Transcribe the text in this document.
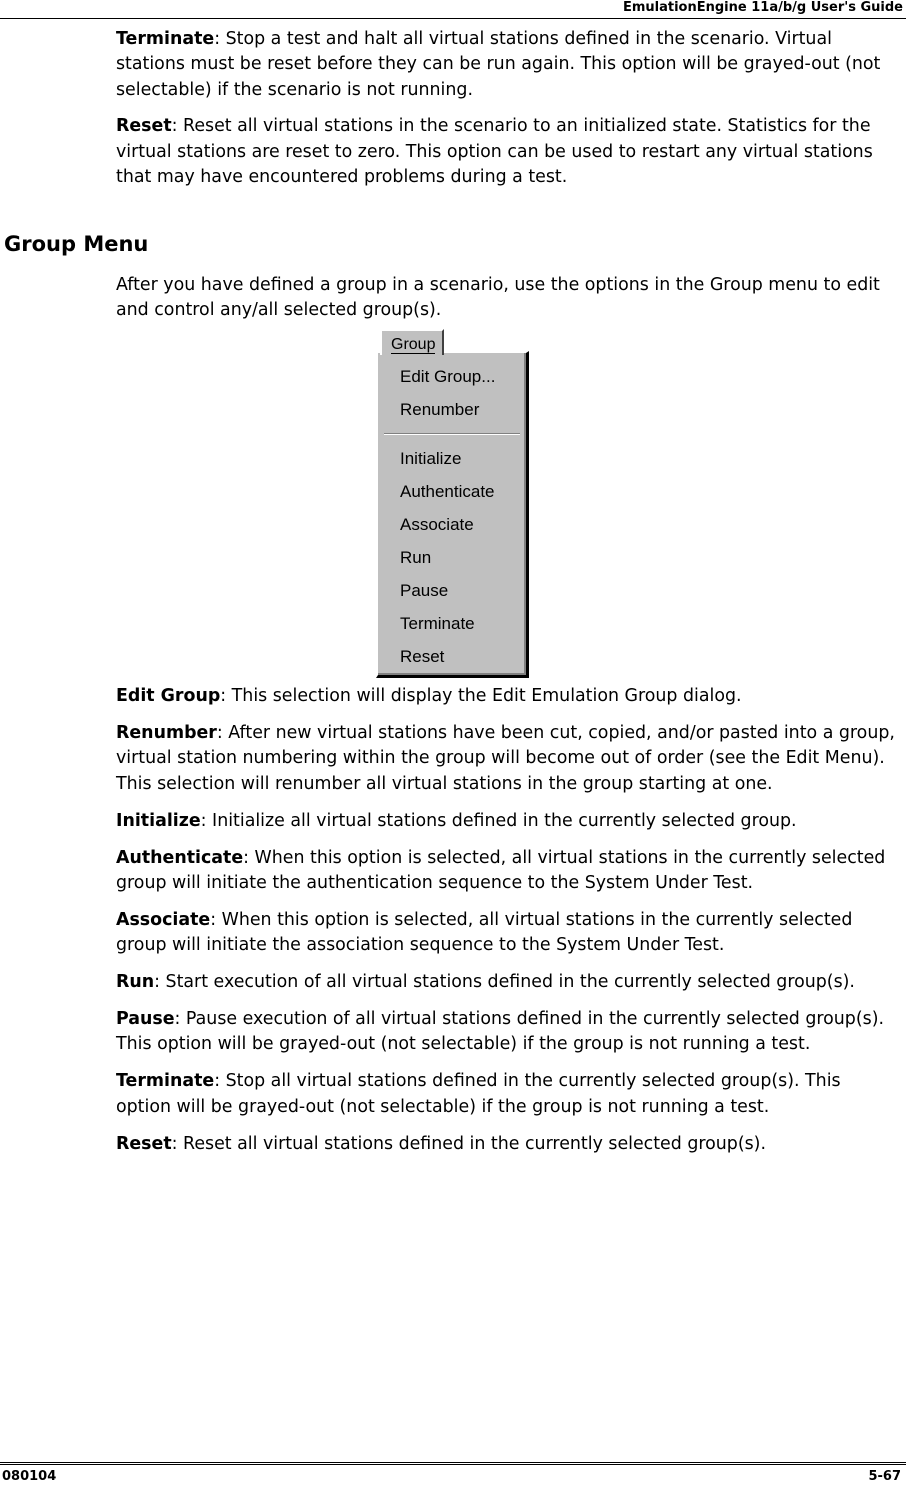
EmulationEngine 11a/b/g User's Guide

Terminate: Stop a test and halt all virtual stations defined in the scenario. Virtual stations must be reset before they can be run again. This option will be grayed-out (not selectable) if the scenario is not running.

Reset: Reset all virtual stations in the scenario to an initialized state. Statistics for the virtual stations are reset to zero. This option can be used to restart any virtual stations that may have encountered problems during a test.

Group Menu

After you have defined a group in a scenario, use the options in the Group menu to edit and control any/all selected group(s).

Edit Group...
Renumber
Initialize
Authenticate
Associate
Run
Pause
Terminate
Reset
Group

Edit Group: This selection will display the Edit Emulation Group dialog.

Renumber: After new virtual stations have been cut, copied, and/or pasted into a group, virtual station numbering within the group will become out of order (see the Edit Menu). This selection will renumber all virtual stations in the group starting at one.

Initialize: Initialize all virtual stations defined in the currently selected group.

Authenticate: When this option is selected, all virtual stations in the currently selected group will initiate the authentication sequence to the System Under Test.

Associate: When this option is selected, all virtual stations in the currently selected group will initiate the association sequence to the System Under Test.

Run: Start execution of all virtual stations defined in the currently selected group(s).

Pause: Pause execution of all virtual stations defined in the currently selected group(s). This option will be grayed-out (not selectable) if the group is not running a test.

Terminate: Stop all virtual stations defined in the currently selected group(s). This option will be grayed-out (not selectable) if the group is not running a test.

Reset: Reset all virtual stations defined in the currently selected group(s).

080104	5-67
